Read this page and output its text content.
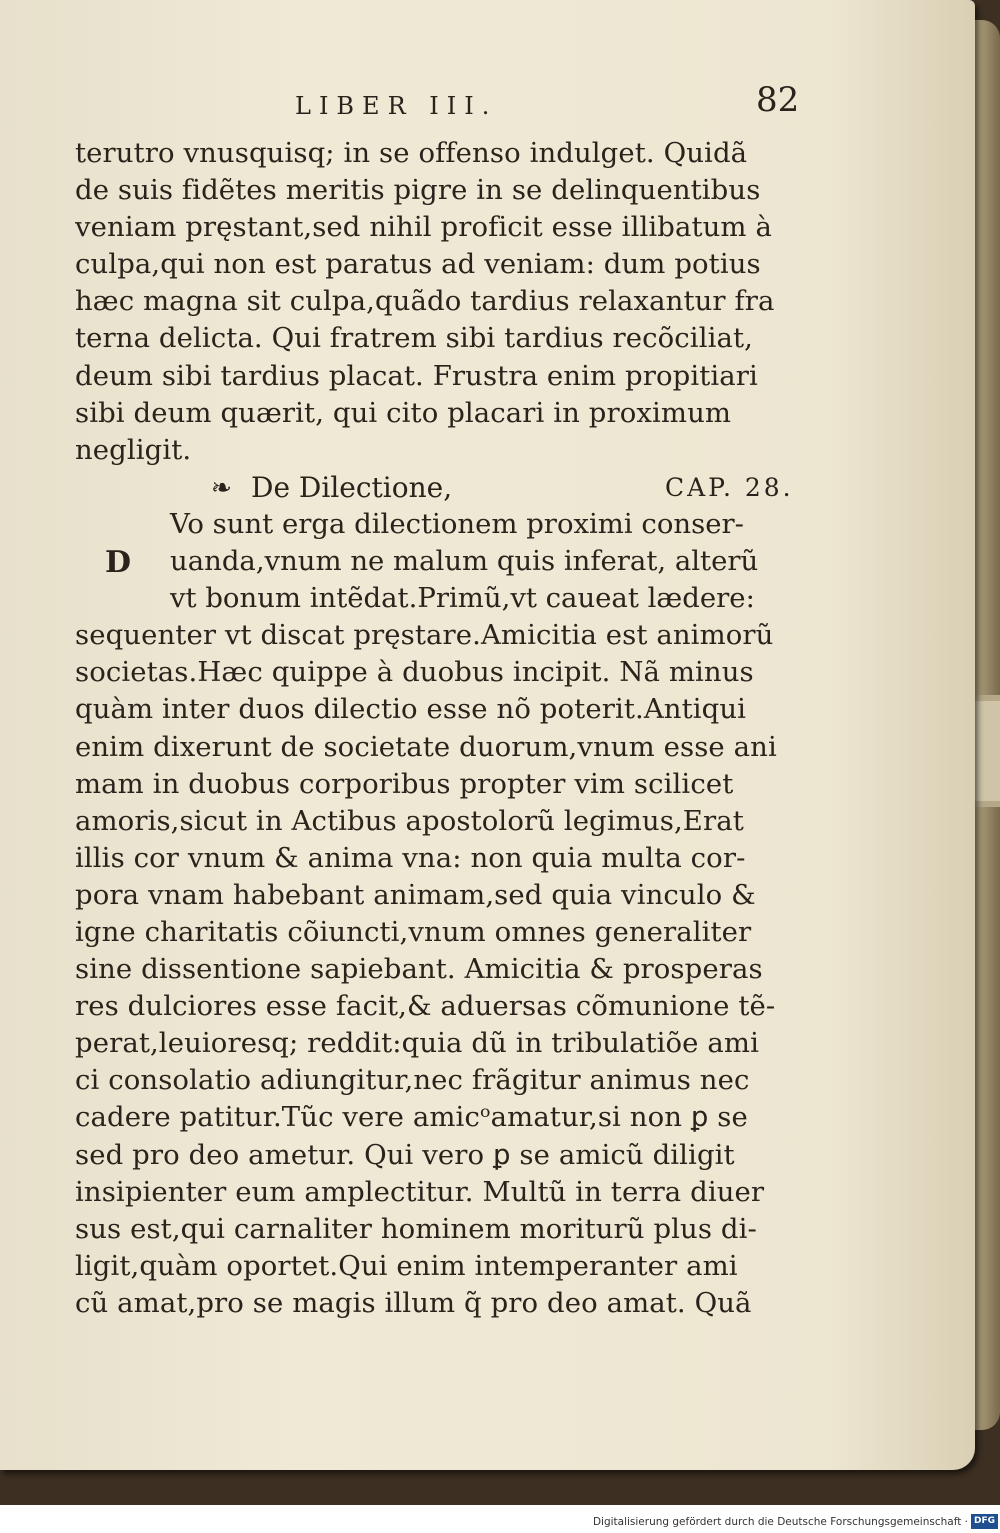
LIBER III.	82
terutro vnusquisq; in se offenso indulget. Quidã
de suis fidẽtes meritis pigre in se delinquentibus
veniam pręstant,sed nihil proficit esse illibatum à
culpa,qui non est paratus ad veniam: dum potius
hæc magna sit culpa,quãdo tardius relaxantur fra
terna delicta. Qui fratrem sibi tardius recõciliat,
deum sibi tardius placat. Frustra enim propitiari
sibi deum quærit, qui cito placari in proximum
negligit.
❧ De Dilectione,	CAP. 28.
D
Vo sunt erga dilectionem proximi conser-
uanda,vnum ne malum quis inferat, alterũ
vt bonum intẽdat.Primũ,vt caueat lædere:
sequenter vt discat pręstare.Amicitia est animorũ
societas.Hæc quippe à duobus incipit. Nã minus
quàm inter duos dilectio esse nõ poterit.Antiqui
enim dixerunt de societate duorum,vnum esse ani
mam in duobus corporibus propter vim scilicet
amoris,sicut in Actibus apostolorũ legimus,Erat
illis cor vnum & anima vna: non quia multa cor-
pora vnam habebant animam,sed quia vinculo &
igne charitatis cõiuncti,vnum omnes generaliter
sine dissentione sapiebant. Amicitia & prosperas
res dulciores esse facit,& aduersas cõmunione tẽ-
perat,leuioresq; reddit:quia dũ in tribulatiõe ami
ci consolatio adiungitur,nec frãgitur animus nec
cadere patitur.Tũc vere amicᵒamatur,si non ꝑ se
sed pro deo ametur. Qui vero ꝑ se amicũ diligit
insipienter eum amplectitur. Multũ in terra diuer
sus est,qui carnaliter hominem moriturũ plus di-
ligit,quàm oportet.Qui enim intemperanter ami
cũ amat,pro se magis illum q̃ pro deo amat. Quã
Digitalisierung gefördert durch die Deutsche Forschungsgemeinschaft · DFG
